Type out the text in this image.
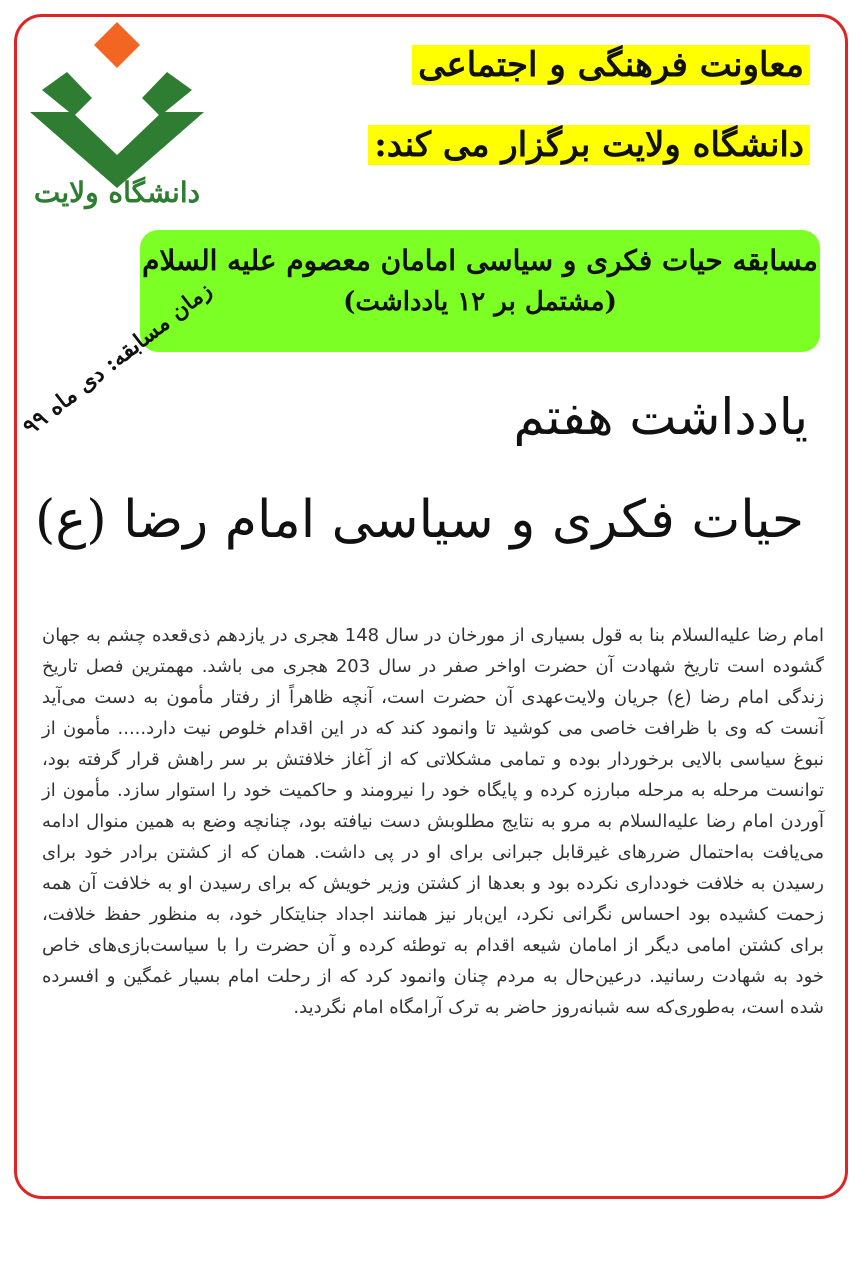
دانشگاه ولایت
معاونت فرهنگی و اجتماعی
دانشگاه ولایت برگزار می کند:
مسابقه حیات فکری و سیاسی امامان معصوم علیه السلام
(مشتمل بر ۱۲ یادداشت)
یادداشت هفتم
حیات فکری و سیاسی امام رضا (ع)
زمان مسابقه: دی ماه ۹۹
امام رضا علیه‌السلام بنا به قول بسیاری از مورخان در سال 148 هجری در یازدهم ذی‌قعده چشم به جهان گشوده است تاریخ شهادت آن حضرت اواخر صفر در سال 203 هجری می باشد. مهمترین فصل تاریخ زندگی امام رضا (ع) جریان ولایت‌عهدی آن حضرت است، آنچه ظاهراً از رفتار مأمون به دست می‌آید آنست که وی با ظرافت خاصی می کوشید تا وانمود کند که در این اقدام خلوص نیت دارد..... مأمون از نبوغ سیاسی بالایی برخوردار بوده و تمامی مشکلاتی که از آغاز خلافتش بر سر راهش قرار گرفته بود، توانست مرحله به مرحله مبارزه کرده و پایگاه خود را نیرومند و حاکمیت خود را استوار سازد. مأمون از آوردن امام رضا علیه‌السلام به مرو به نتایج مطلوبش دست نیافته بود، چنانچه وضع به همین منوال ادامه می‌یافت به‌احتمال ضررهای غیرقابل جبرانی برای او در پی داشت. همان که از کشتن برادر خود برای رسیدن به خلافت خودداری نکرده بود و بعدها از کشتن وزیر خویش که برای رسیدن او به خلافت آن همه زحمت کشیده بود احساس نگرانی نکرد، این‌بار نیز همانند اجداد جنایتکار خود، به منظور حفظ خلافت، برای کشتن امامی دیگر از امامان شیعه اقدام به توطئه کرده و آن حضرت را با سیاست‌بازی‌های خاص خود به شهادت رسانید. درعین‌حال به مردم چنان وانمود کرد که از رحلت امام بسیار غمگین و افسرده شده است، به‌طوری‌که سه شبانه‌روز حاضر به ترک آرامگاه امام نگردید.
